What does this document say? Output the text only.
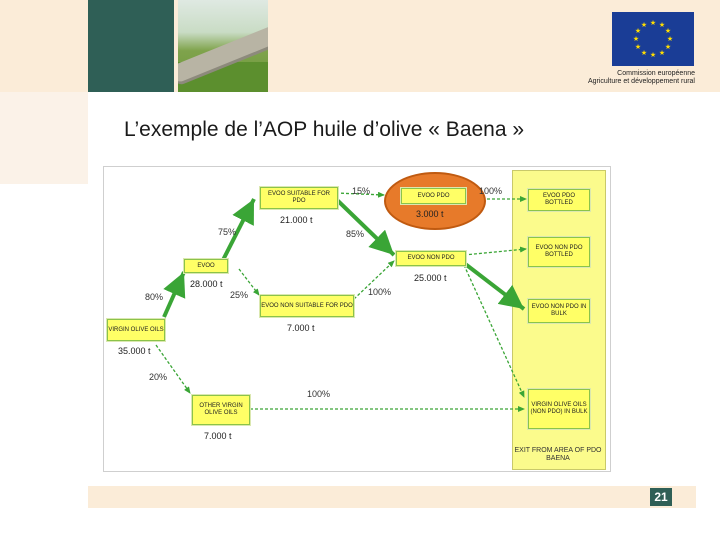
★ ★
★
★
★
★
★
★
★
★
★
★
Commission européenne
Agriculture et développement rural
L’exemple de l’AOP huile d’olive « Baena »
VIRGIN OLIVE OILS
35.000 t
EVOO
28.000 t
OTHER VIRGIN OLIVE OILS
7.000 t
EVOO SUITABLE FOR PDO
21.000 t
EVOO NON SUITABLE FOR PDO
7.000 t
EVOO PDO
3.000 t
EVOO NON PDO
25.000 t
EVOO PDO BOTTLED
EVOO NON PDO BOTTLED
EVOO NON PDO IN BULK
VIRGIN OLIVE OILS (NON PDO) IN BULK
80%
20%
75%
25%
15%
85%
100%
100%
100%
EXIT FROM AREA OF PDO BAENA
21
